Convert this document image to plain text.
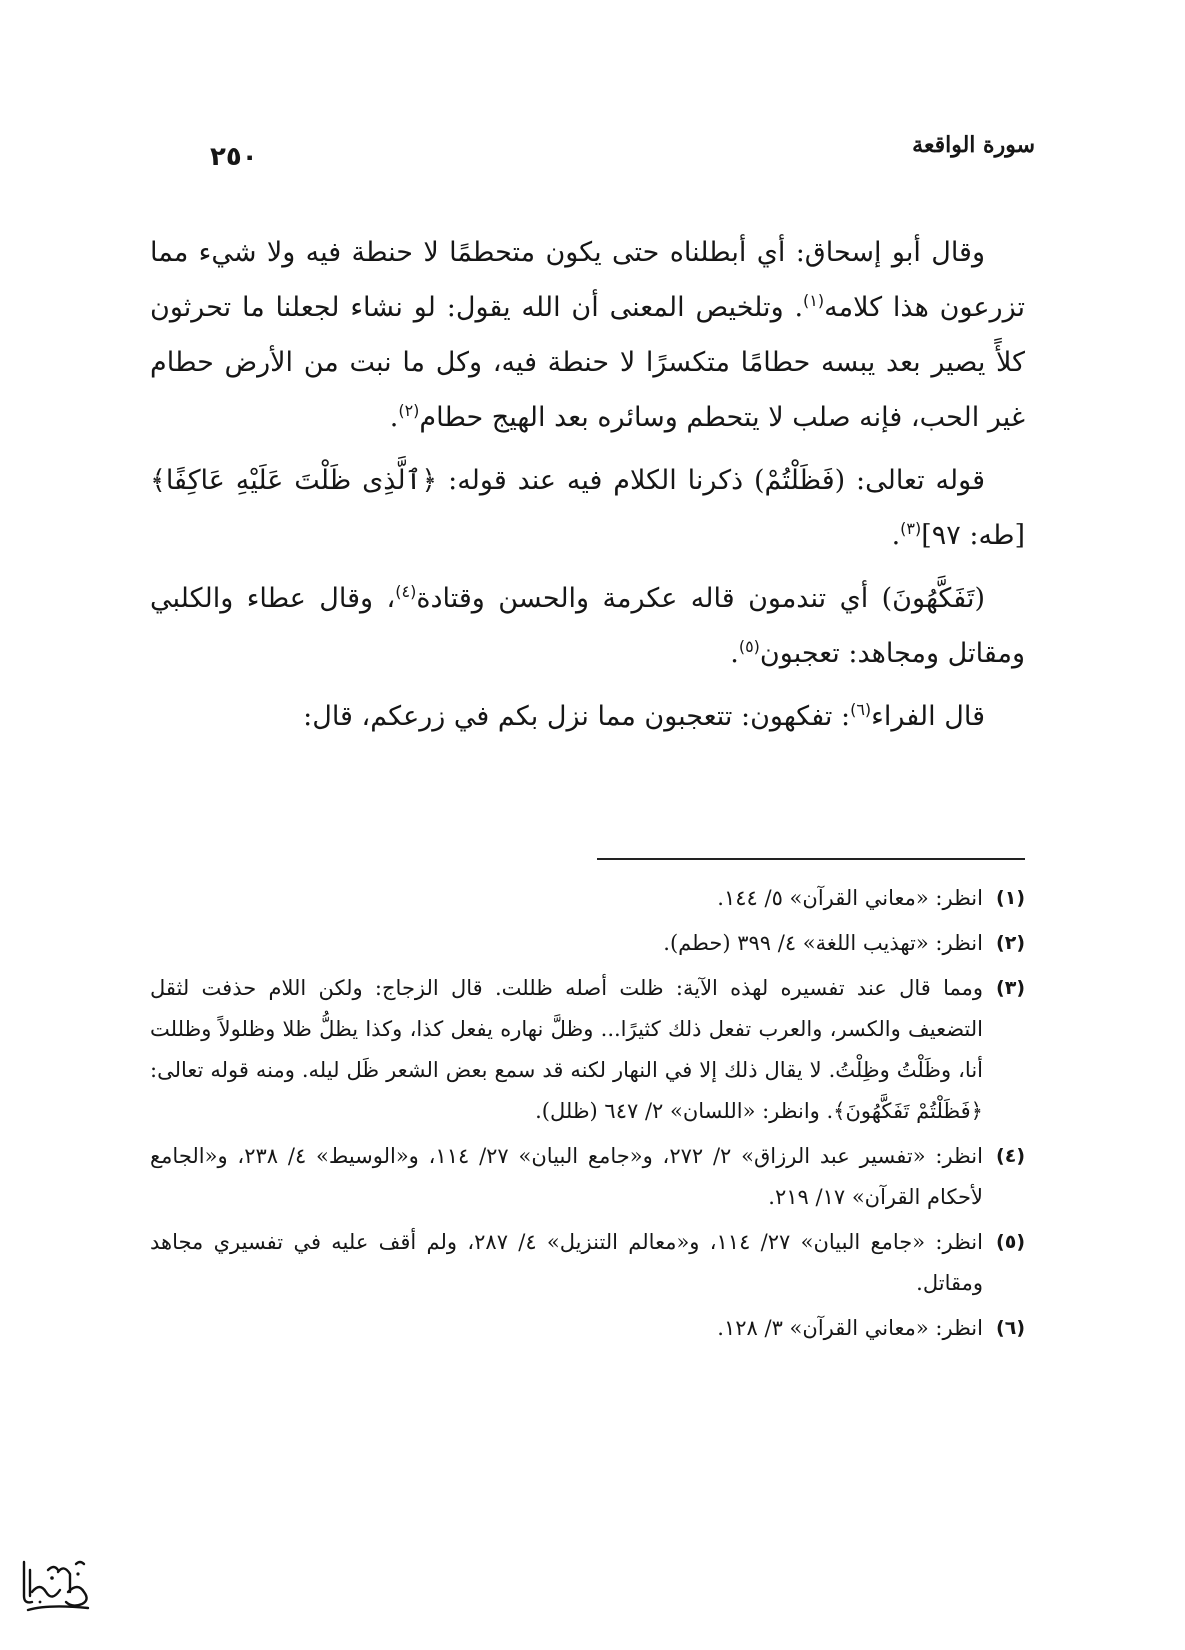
سورة الواقعة
٢٥٠

وقال أبو إسحاق: أي أبطلناه حتى يكون متحطمًا لا حنطة فيه ولا شيء مما تزرعون هذا كلامه$^{(١)}$. وتلخيص المعنى أن الله يقول: لو نشاء لجعلنا ما تحرثون كلأً يصير بعد يبسه حطامًا متكسرًا لا حنطة فيه، وكل ما نبت من الأرض حطام غير الحب، فإنه صلب لا يتحطم وسائره بعد الهيج حطام$^{(٢)}$.

قوله تعالى: (فَظَلْتُمْ) ذكرنا الكلام فيه عند قوله: ﴿ٱلَّذِى ظَلْتَ عَلَيْهِ عَاكِفًا﴾ [طه: ٩٧]$^{(٣)}$.

(تَفَكَّهُونَ) أي تندمون قاله عكرمة والحسن وقتادة$^{(٤)}$، وقال عطاء والكلبي ومقاتل ومجاهد: تعجبون$^{(٥)}$.

قال الفراء$^{(٦)}$: تفكهون: تتعجبون مما نزل بكم في زرعكم، قال:

(١)
انظر: «معاني القرآن» ٥/ ١٤٤.
(٢)
انظر: «تهذيب اللغة» ٤/ ٣٩٩ (حطم).
(٣)
ومما قال عند تفسيره لهذه الآية: ظلت أصله ظللت. قال الزجاج: ولكن اللام حذفت لثقل التضعيف والكسر، والعرب تفعل ذلك كثيرًا... وظلَّ نهاره يفعل كذا، وكذا يظلُّ ظلا وظلولاً وظللت أنا، وظَلْتُ وظِلْتُ. لا يقال ذلك إلا في النهار لكنه قد سمع بعض الشعر ظَل ليله. ومنه قوله تعالى: ﴿فَظَلْتُمْ تَفَكَّهُونَ﴾. وانظر: «اللسان» ٢/ ٦٤٧ (ظلل).
(٤)
انظر: «تفسير عبد الرزاق» ٢/ ٢٧٢، و«جامع البيان» ٢٧/ ١١٤، و«الوسيط» ٤/ ٢٣٨، و«الجامع لأحكام القرآن» ١٧/ ٢١٩.
(٥)
انظر: «جامع البيان» ٢٧/ ١١٤، و«معالم التنزيل» ٤/ ٢٨٧، ولم أقف عليه في تفسيري مجاهد ومقاتل.
(٦)
انظر: «معاني القرآن» ٣/ ١٢٨.
